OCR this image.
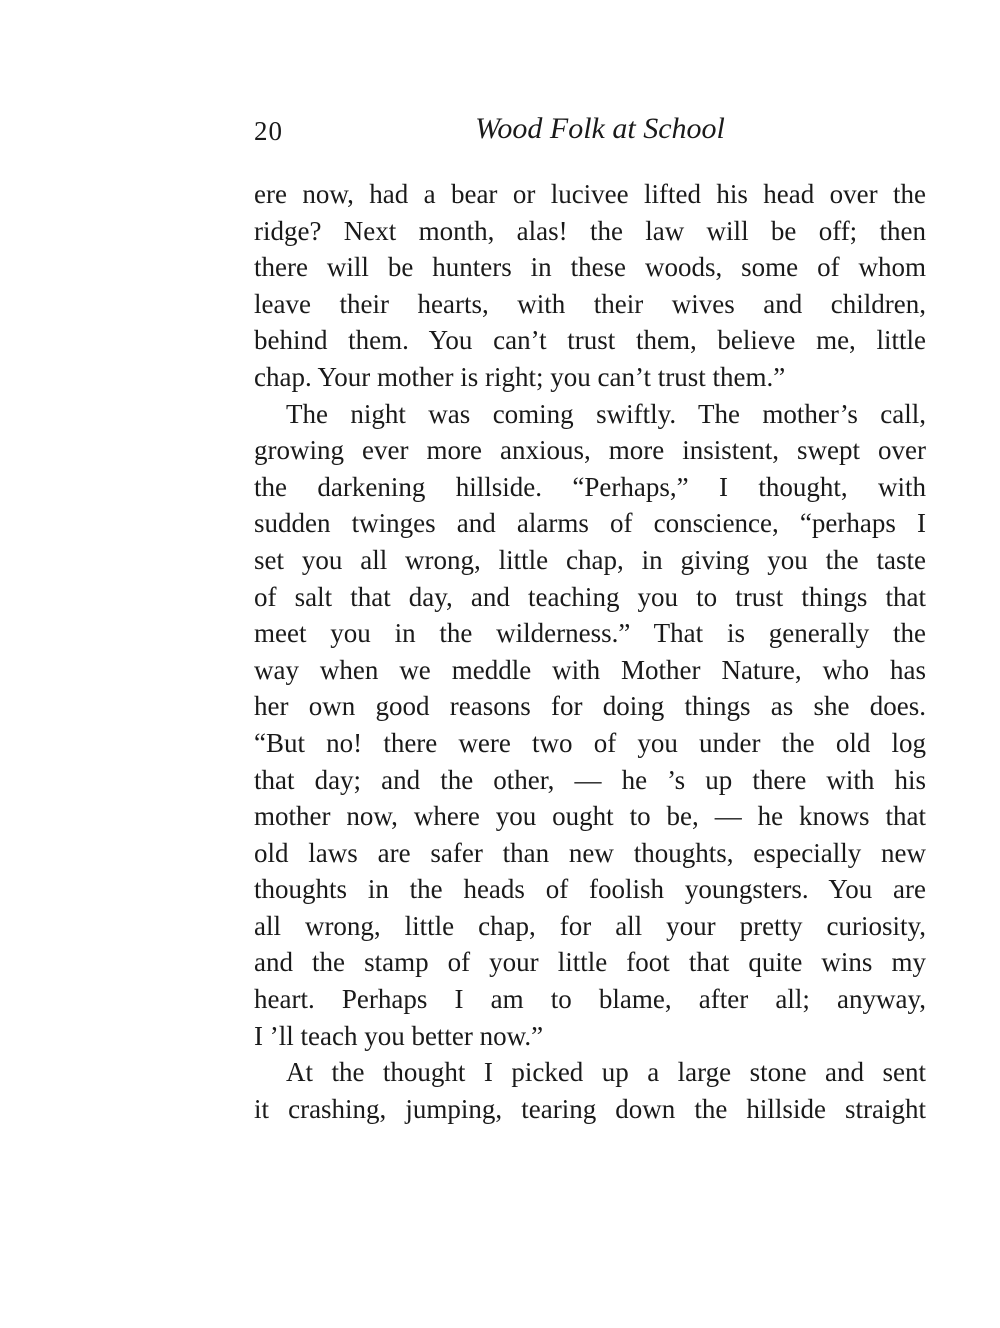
20	Wood Folk at School
ere now, had a bear or lucivee lifted his head over the
ridge? Next month, alas! the law will be off; then
there will be hunters in these woods, some of whom
leave their hearts, with their wives and children,
behind them. You can’t trust them, believe me, little
chap. Your mother is right; you can’t trust them.”
The night was coming swiftly. The mother’s call,
growing ever more anxious, more insistent, swept over
the darkening hillside. “Perhaps,” I thought, with
sudden twinges and alarms of conscience, “perhaps I
set you all wrong, little chap, in giving you the taste
of salt that day, and teaching you to trust things that
meet you in the wilderness.” That is generally the
way when we meddle with Mother Nature, who has
her own good reasons for doing things as she does.
“But no! there were two of you under the old log
that day; and the other, — he ’s up there with his
mother now, where you ought to be, — he knows that
old laws are safer than new thoughts, especially new
thoughts in the heads of foolish youngsters. You are
all wrong, little chap, for all your pretty curiosity,
and the stamp of your little foot that quite wins my
heart. Perhaps I am to blame, after all; anyway,
I ’ll teach you better now.”
At the thought I picked up a large stone and sent
it crashing, jumping, tearing down the hillside straight
